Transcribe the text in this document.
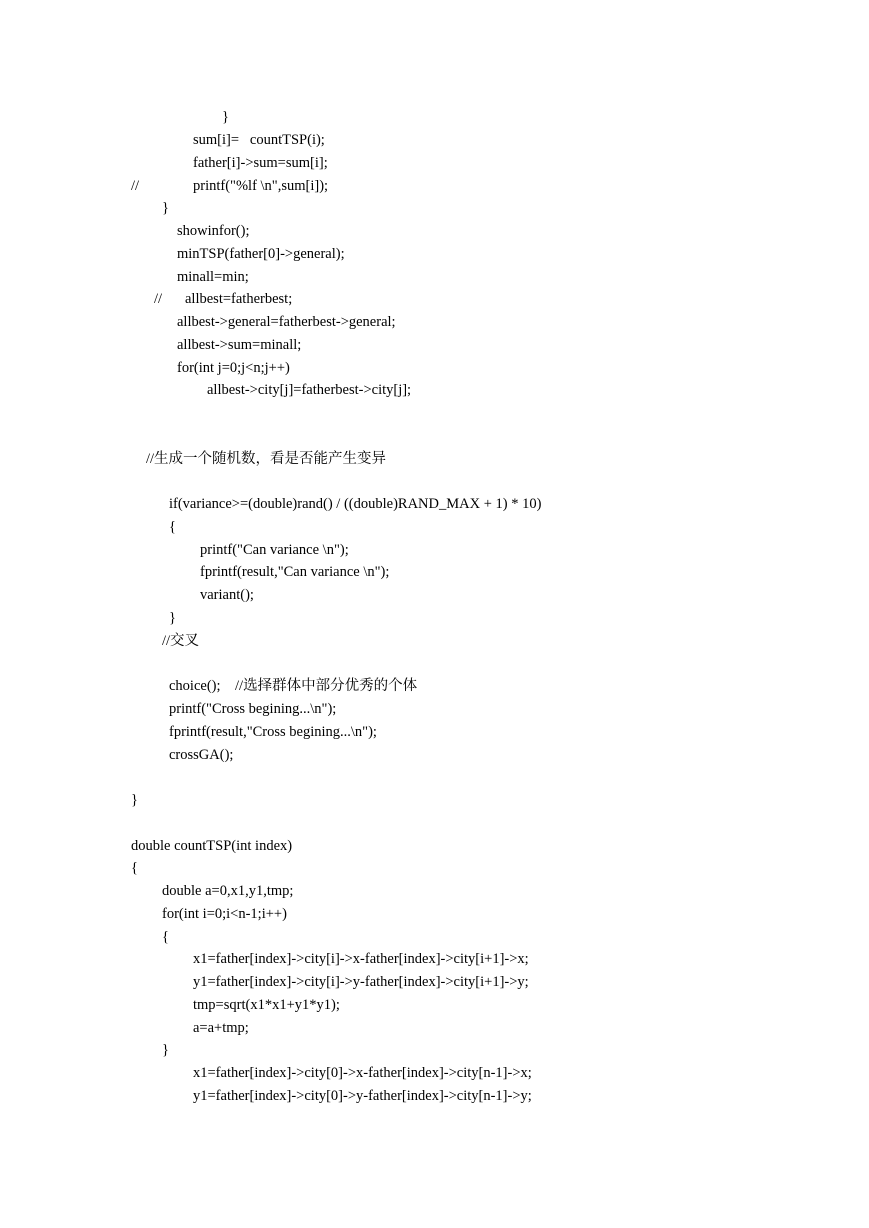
}
sum[i]=   countTSP(i);
father[i]->sum=sum[i];
//	printf("%lf \n",sum[i]);
}
showinfor();
minTSP(father[0]->general);
minall=min;
// allbest=fatherbest;
allbest->general=fatherbest->general;
allbest->sum=minall;
for(int j=0;j<n;j++)
allbest->city[j]=fatherbest->city[j];
//生成一个随机数，看是否能产生变异
if(variance>=(double)rand() / ((double)RAND_MAX + 1) * 10)
{
printf("Can variance \n");
fprintf(result,"Can variance \n");
variant();
}
//交叉
choice();    //选择群体中部分优秀的个体
printf("Cross begining...\n");
fprintf(result,"Cross begining...\n");
crossGA();
}
double countTSP(int index)
{
double a=0,x1,y1,tmp;
for(int i=0;i<n-1;i++)
{
x1=father[index]->city[i]->x-father[index]->city[i+1]->x;
y1=father[index]->city[i]->y-father[index]->city[i+1]->y;
tmp=sqrt(x1*x1+y1*y1);
a=a+tmp;
}
x1=father[index]->city[0]->x-father[index]->city[n-1]->x;
y1=father[index]->city[0]->y-father[index]->city[n-1]->y;
